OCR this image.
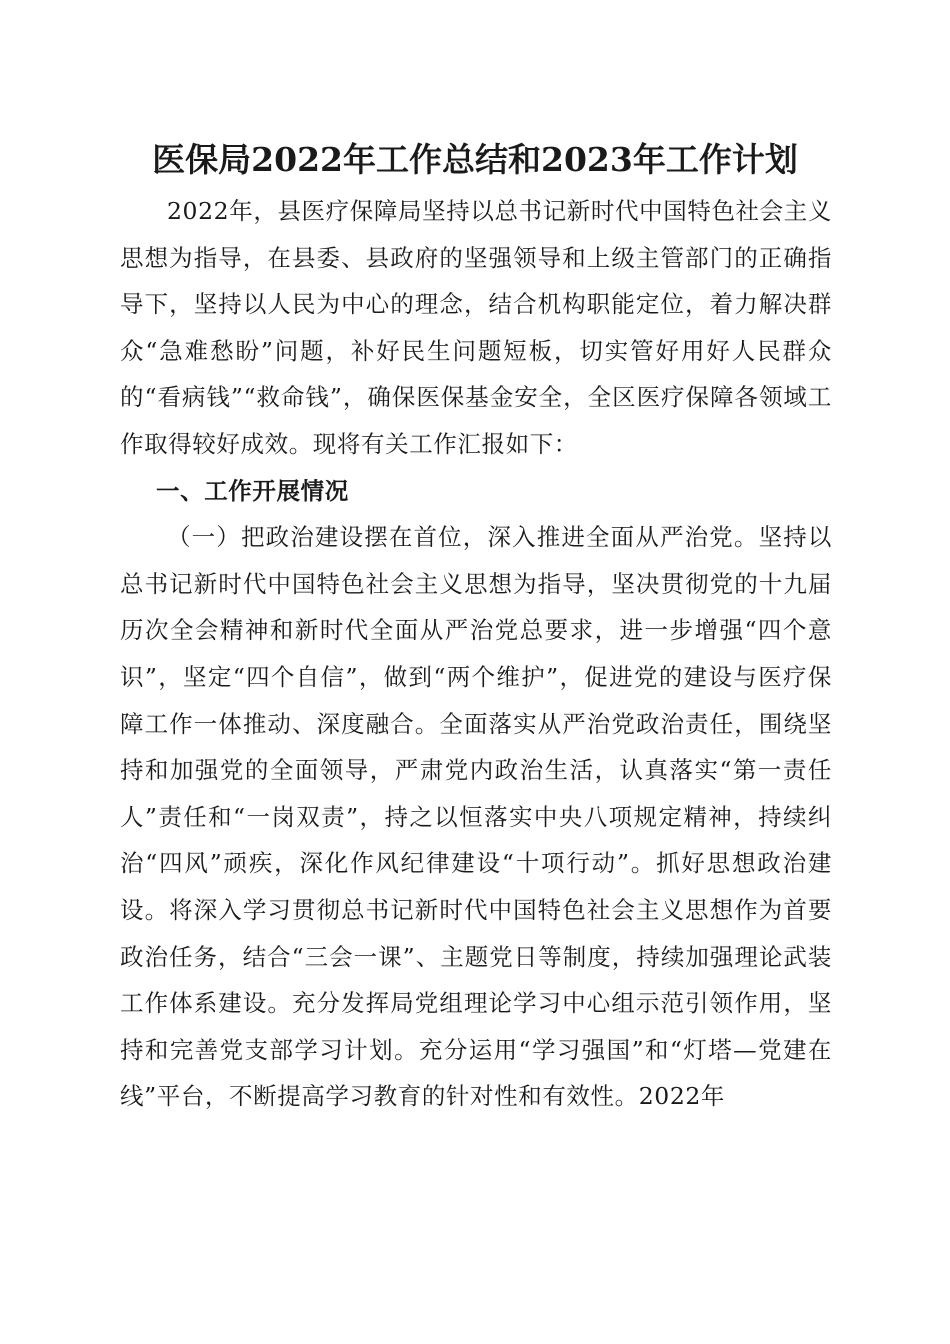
医保局2022年工作总结和2023年工作计划

2022年，县医疗保障局坚持以总书记新时代中国特色社会主义思想为指导，在县委、县政府的坚强领导和上级主管部门的正确指导下，坚持以人民为中心的理念，结合机构职能定位，着力解决群众“急难愁盼”问题，补好民生问题短板，切实管好用好人民群众的“看病钱”“救命钱”，确保医保基金安全，全区医疗保障各领域工作取得较好成效。现将有关工作汇报如下：

一、工作开展情况

（一）把政治建设摆在首位，深入推进全面从严治党。坚持以总书记新时代中国特色社会主义思想为指导，坚决贯彻党的十九届历次全会精神和新时代全面从严治党总要求，进一步增强“四个意识”，坚定“四个自信”，做到“两个维护”，促进党的建设与医疗保障工作一体推动、深度融合。全面落实从严治党政治责任，围绕坚持和加强党的全面领导，严肃党内政治生活，认真落实“第一责任人”责任和“一岗双责”，持之以恒落实中央八项规定精神，持续纠治“四风”顽疾，深化作风纪律建设“十项行动”。抓好思想政治建设。将深入学习贯彻总书记新时代中国特色社会主义思想作为首要政治任务，结合“三会一课”、主题党日等制度，持续加强理论武装工作体系建设。充分发挥局党组理论学习中心组示范引领作用，坚持和完善党支部学习计划。充分运用“学习强国”和“灯塔—党建在线”平台，不断提高学习教育的针对性和有效性。2022年
